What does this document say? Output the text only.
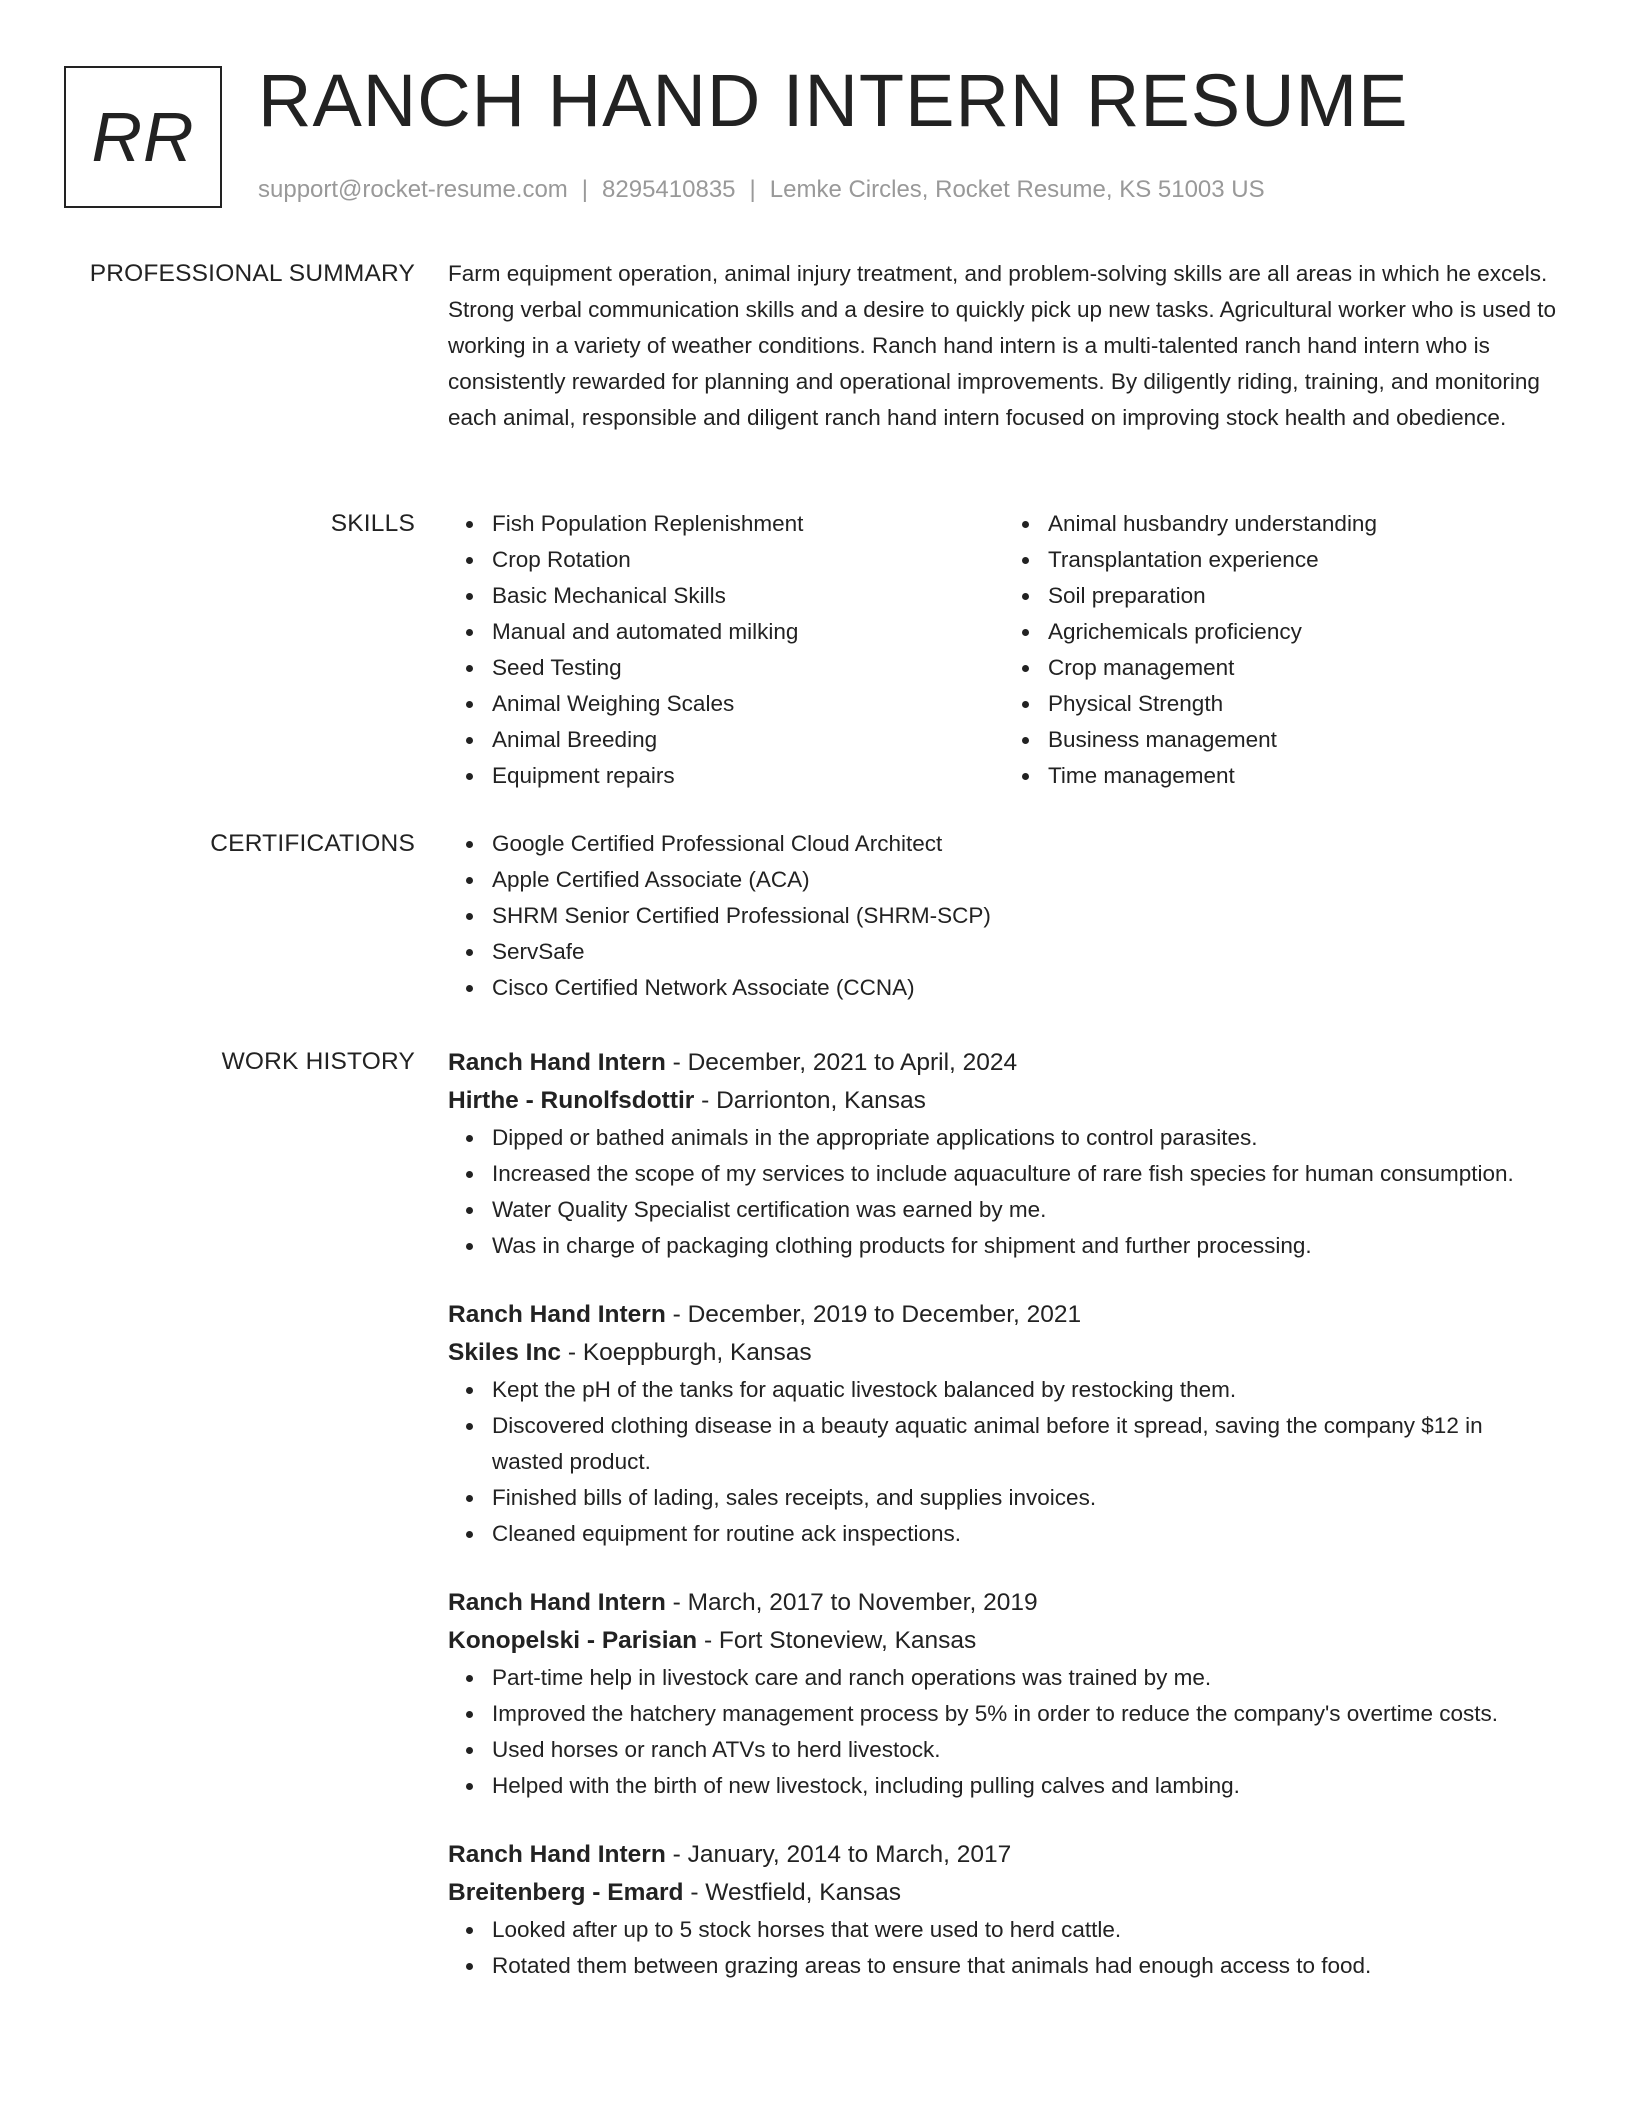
RR RANCH HAND INTERN RESUME
support@rocket-resume.com | 8295410835 | Lemke Circles, Rocket Resume, KS 51003 US
PROFESSIONAL SUMMARY Farm equipment operation, animal injury treatment, and problem-solving skills are all areas in which he excels. Strong verbal communication skills and a desire to quickly pick up new tasks. Agricultural worker who is used to working in a variety of weather conditions. Ranch hand intern is a multi-talented ranch hand intern who is consistently rewarded for planning and operational improvements. By diligently riding, training, and monitoring each animal, responsible and diligent ranch hand intern focused on improving stock health and obedience.

SKILLS	Fish Population Replenishment
Crop Rotation
Basic Mechanical Skills
Manual and automated milking
Seed Testing
Animal Weighing Scales
Animal Breeding
Equipment repairs
Animal husbandry understanding
Transplantation experience
Soil preparation
Agrichemicals proficiency
Crop management
Physical Strength
Business management
Time management
CERTIFICATIONS	Google Certified Professional Cloud Architect
Apple Certified Associate (ACA)
SHRM Senior Certified Professional (SHRM-SCP)
ServSafe
Cisco Certified Network Associate (CCNA)
WORK HISTORY Ranch Hand Intern - December, 2021 to April, 2024
Hirthe - Runolfsdottir - Darrionton, Kansas
Dipped or bathed animals in the appropriate applications to control parasites.
Increased the scope of my services to include aquaculture of rare fish species for human consumption.
Water Quality Specialist certification was earned by me.
Was in charge of packaging clothing products for shipment and further processing.
Ranch Hand Intern - December, 2019 to December, 2021
Skiles Inc - Koeppburgh, Kansas
Kept the pH of the tanks for aquatic livestock balanced by restocking them.
Discovered clothing disease in a beauty aquatic animal before it spread, saving the company $12 in wasted product.
Finished bills of lading, sales receipts, and supplies invoices.
Cleaned equipment for routine ack inspections.
Ranch Hand Intern - March, 2017 to November, 2019
Konopelski - Parisian - Fort Stoneview, Kansas
Part-time help in livestock care and ranch operations was trained by me.
Improved the hatchery management process by 5% in order to reduce the company's overtime costs.
Used horses or ranch ATVs to herd livestock.
Helped with the birth of new livestock, including pulling calves and lambing.
Ranch Hand Intern - January, 2014 to March, 2017
Breitenberg - Emard - Westfield, Kansas
Looked after up to 5 stock horses that were used to herd cattle.
Rotated them between grazing areas to ensure that animals had enough access to food.
